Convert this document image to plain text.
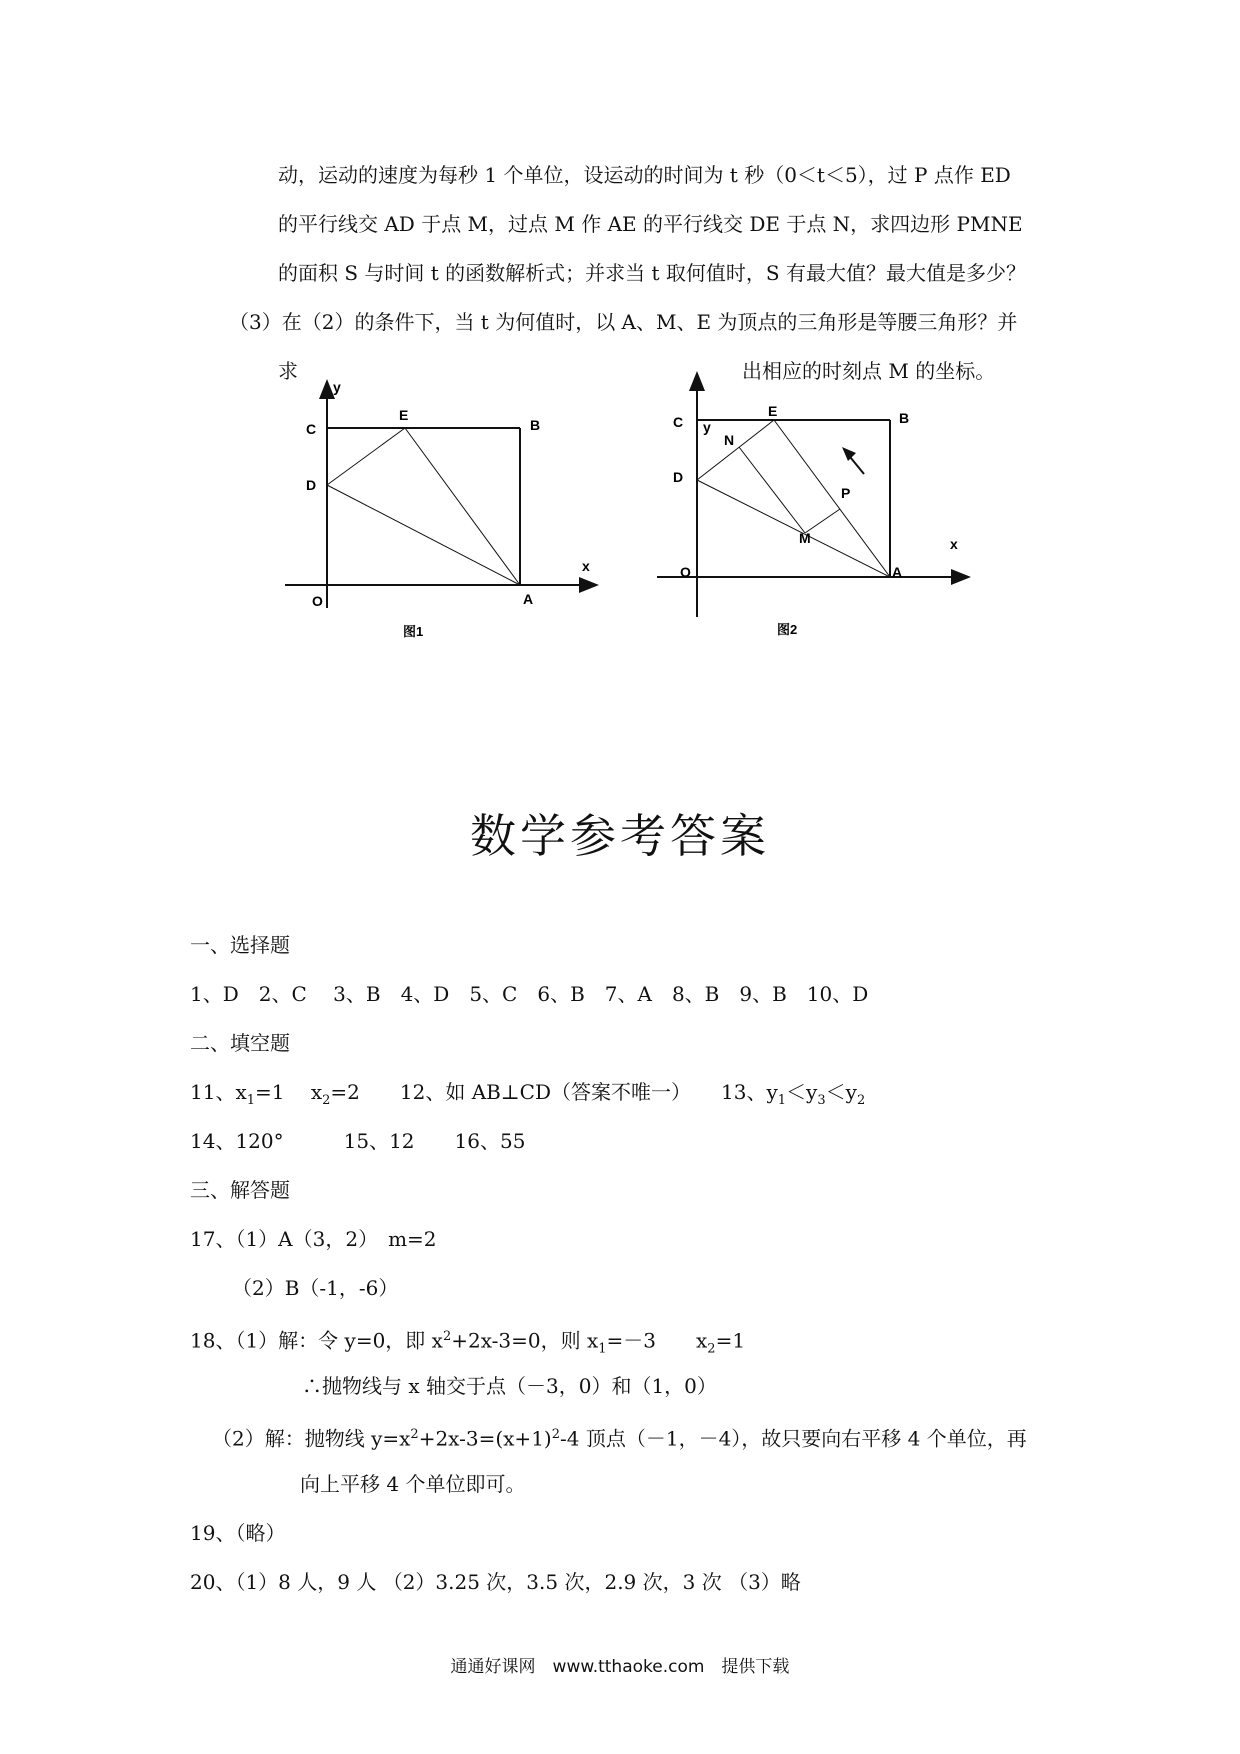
动，运动的速度为每秒 1 个单位，设运动的时间为 t 秒（0＜t＜5），过 P 点作 ED
的平行线交 AD 于点 M，过点 M 作 AE 的平行线交 DE 于点 N，求四边形 PMNE
的面积 S 与时间 t 的函数解析式；并求当 t 取何值时，S 有最大值？最大值是多少？
（3）在（2）的条件下，当 t 为何值时，以 A、M、E 为顶点的三角形是等腰三角形？并
求	出相应的时刻点 M 的坐标。
y
x
O	A
B
C
D
E
图1
y
x
O	A
B
C
D
E
N
M
P
图2
数学参考答案
一、选择题
1、D　2、C　 3、B　4、D　5、C　6、B　7、A　8、B　9、B　10、D
二、填空题
11、$x_1=1$　 $x_2=2$　　12、如 AB⊥CD（答案不唯一）　　13、$y_1<y_3<y_2$
14、120°　　　15、12　　16、55
三、解答题
17、（1）A（3，2）　m=2
（2）B（-1，-6）
18、（1）解：令 y=0，即 $x^2+2x-3=0$，则 $x_1=-3$　　$x_2=1$
∴抛物线与 x 轴交于点（－3，0）和（1，0）
（2）解：抛物线 $y=x^2+2x-3=(x+1)^2-4$ 顶点（－1，－4），故只要向右平移 4 个单位，再
向上平移 4 个单位即可。
19、（略）
20、（1）8 人，9 人 （2）3.25 次，3.5 次，2.9 次，3 次 （3）略
通通好课网　www.tthaoke.com　提供下载
